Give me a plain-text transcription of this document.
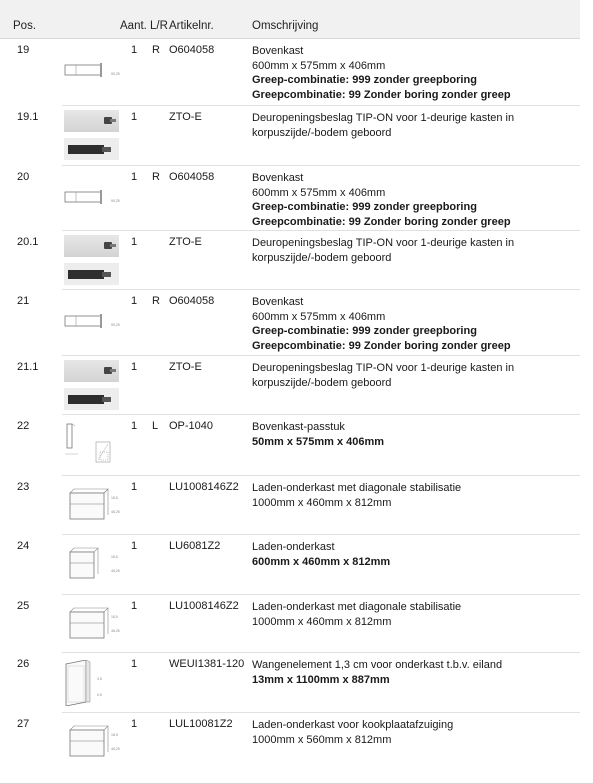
Pos.	Aant. L/R Artikelnr.	Omschrijving
19	1 R O604058	Bovenkast
600mm x 575mm x 406mm
Greep-combinatie: 999 zonder greepboring
Greepcombinatie: 99 Zonder boring zonder greep
90,25
19.1	1	ZTO-E	Deuropeningsbeslag TIP-ON voor 1-deurige kasten in
korpuszijde/-bodem geboord
20	1 R O604058	Bovenkast
600mm x 575mm x 406mm
Greep-combinatie: 999 zonder greepboring
Greepcombinatie: 99 Zonder boring zonder greep
90,25
20.1	1	ZTO-E	Deuropeningsbeslag TIP-ON voor 1-deurige kasten in
korpuszijde/-bodem geboord
21	1 R O604058	Bovenkast
600mm x 575mm x 406mm
Greep-combinatie: 999 zonder greepboring
Greepcombinatie: 99 Zonder boring zonder greep
90,25
21.1	1	ZTO-E	Deuropeningsbeslag TIP-ON voor 1-deurige kasten in
korpuszijde/-bodem geboord
22	1 L OP-1040	Bovenkast-passtuk
50mm x 575mm x 406mm
23	1	LU1008146Z2 Laden-onderkast met diagonale stabilisatie
1000mm x 460mm x 812mm
18,5
46,25
24	1	LU6081Z2	Laden-onderkast
600mm x 460mm x 812mm
18,5
46,25
25	1	LU1008146Z2 Laden-onderkast met diagonale stabilisatie
1000mm x 460mm x 812mm
18,5
46,25
26	1	WEUI1381-120 Wangenelement 1,3 cm voor onderkast t.b.v. eiland
13mm x 1100mm x 887mm
3,5
0,5
27	1	LUL10081Z2 Laden-onderkast voor kookplaatafzuiging
1000mm x 560mm x 812mm
18,5
46,25
